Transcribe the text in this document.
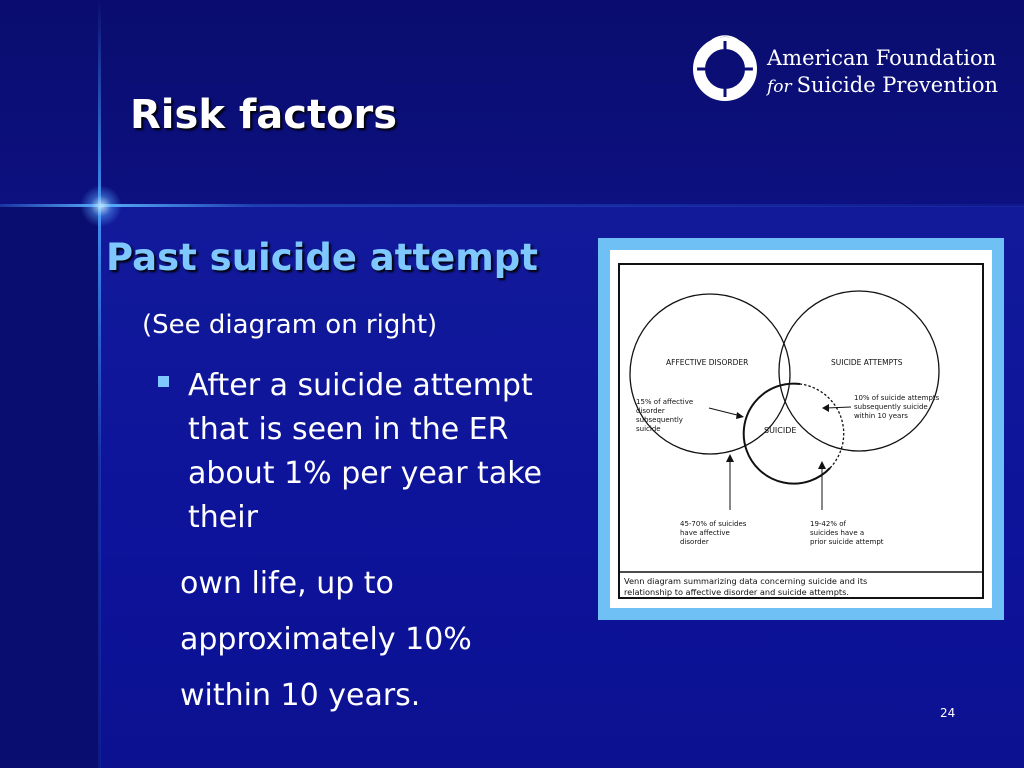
Risk factors
American Foundation
for Suicide Prevention
Past suicide attempt
(See diagram on right)
After a suicide attempt that is seen in the ER about 1% per year take their
own life, up to
approximately 10%
within 10 years.	24
AFFECTIVE DISORDER	SUICIDE ATTEMPTS
SUICIDE
15% of affective
disorder
subsequently
suicide
10% of suicide attempts
subsequently suicide
within 10 years
45-70% of suicides
have affective
disorder
19-42% of
suicides have a
prior suicide attempt
Venn diagram summarizing data concerning suicide and its
relationship to affective disorder and suicide attempts.
